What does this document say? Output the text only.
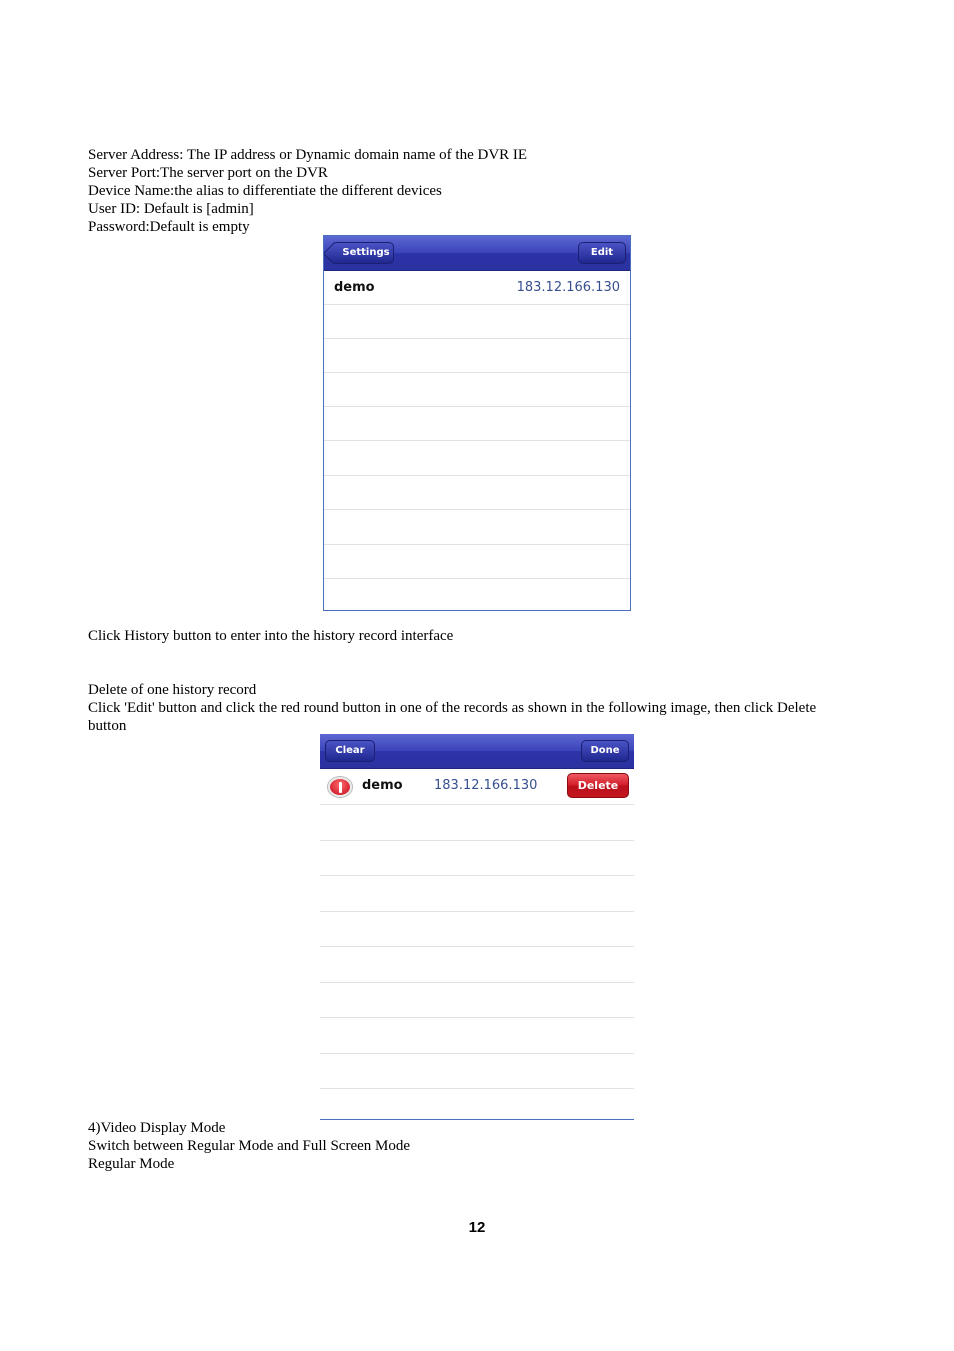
Server Address: The IP address or Dynamic domain name of the DVR IE
Server Port:The server port on the DVR
Device Name:the alias to differentiate the different devices
User ID: Default is [admin]
Password:Default is empty
Settings	Edit
demo	183.12.166.130
Click History button to enter into the history record interface
Delete of one history record
Click 'Edit' button and click the red round button in one of the records as shown in the following image, then click Delete button
Clear	Done
demo 183.12.166.130	Delete
4)Video Display Mode
Switch between Regular Mode and Full Screen Mode
Regular Mode
12
